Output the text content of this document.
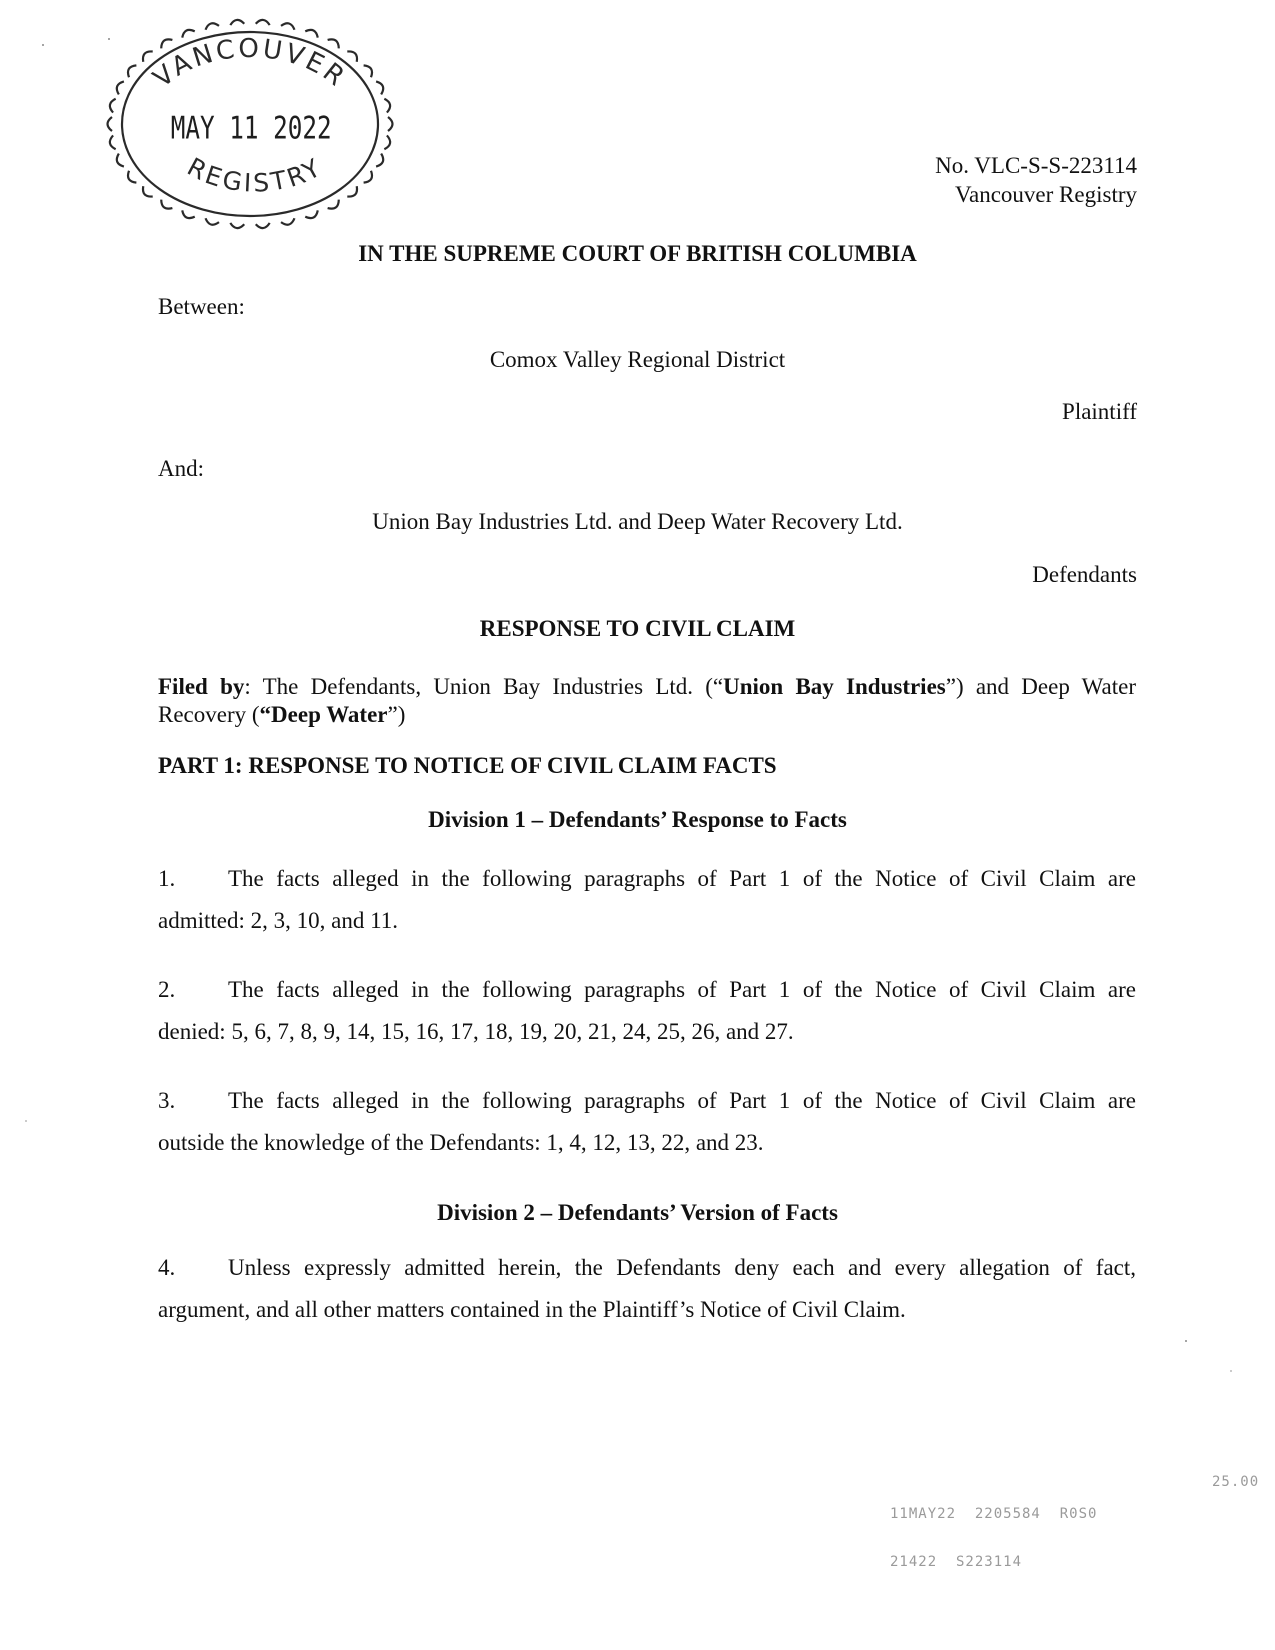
VANCOUVER
MAY 11 2022
REGISTRY	No. VLC-S-S-223114
Vancouver Registry
IN THE SUPREME COURT OF BRITISH COLUMBIA
Between:
Comox Valley Regional District
Plaintiff
And:
Union Bay Industries Ltd. and Deep Water Recovery Ltd.
Defendants
RESPONSE TO CIVIL CLAIM
Filed by: The Defendants, Union Bay Industries Ltd. (“Union Bay Industries”) and Deep Water
Recovery (“Deep Water”)
PART 1: RESPONSE TO NOTICE OF CIVIL CLAIM FACTS
Division 1 – Defendants’ Response to Facts
1. The facts alleged in the following paragraphs of Part 1 of the Notice of Civil Claim are
admitted: 2, 3, 10, and 11.
2. The facts alleged in the following paragraphs of Part 1 of the Notice of Civil Claim are
denied: 5, 6, 7, 8, 9, 14, 15, 16, 17, 18, 19, 20, 21, 24, 25, 26, and 27.
3. The facts alleged in the following paragraphs of Part 1 of the Notice of Civil Claim are
outside the knowledge of the Defendants: 1, 4, 12, 13, 22, and 23.
Division 2 – Defendants’ Version of Facts
4. Unless expressly admitted herein, the Defendants deny each and every allegation of fact,
argument, and all other matters contained in the Plaintiff’s Notice of Civil Claim.

11MAY22  2205584  R0S0

21422  S223114

25.00
